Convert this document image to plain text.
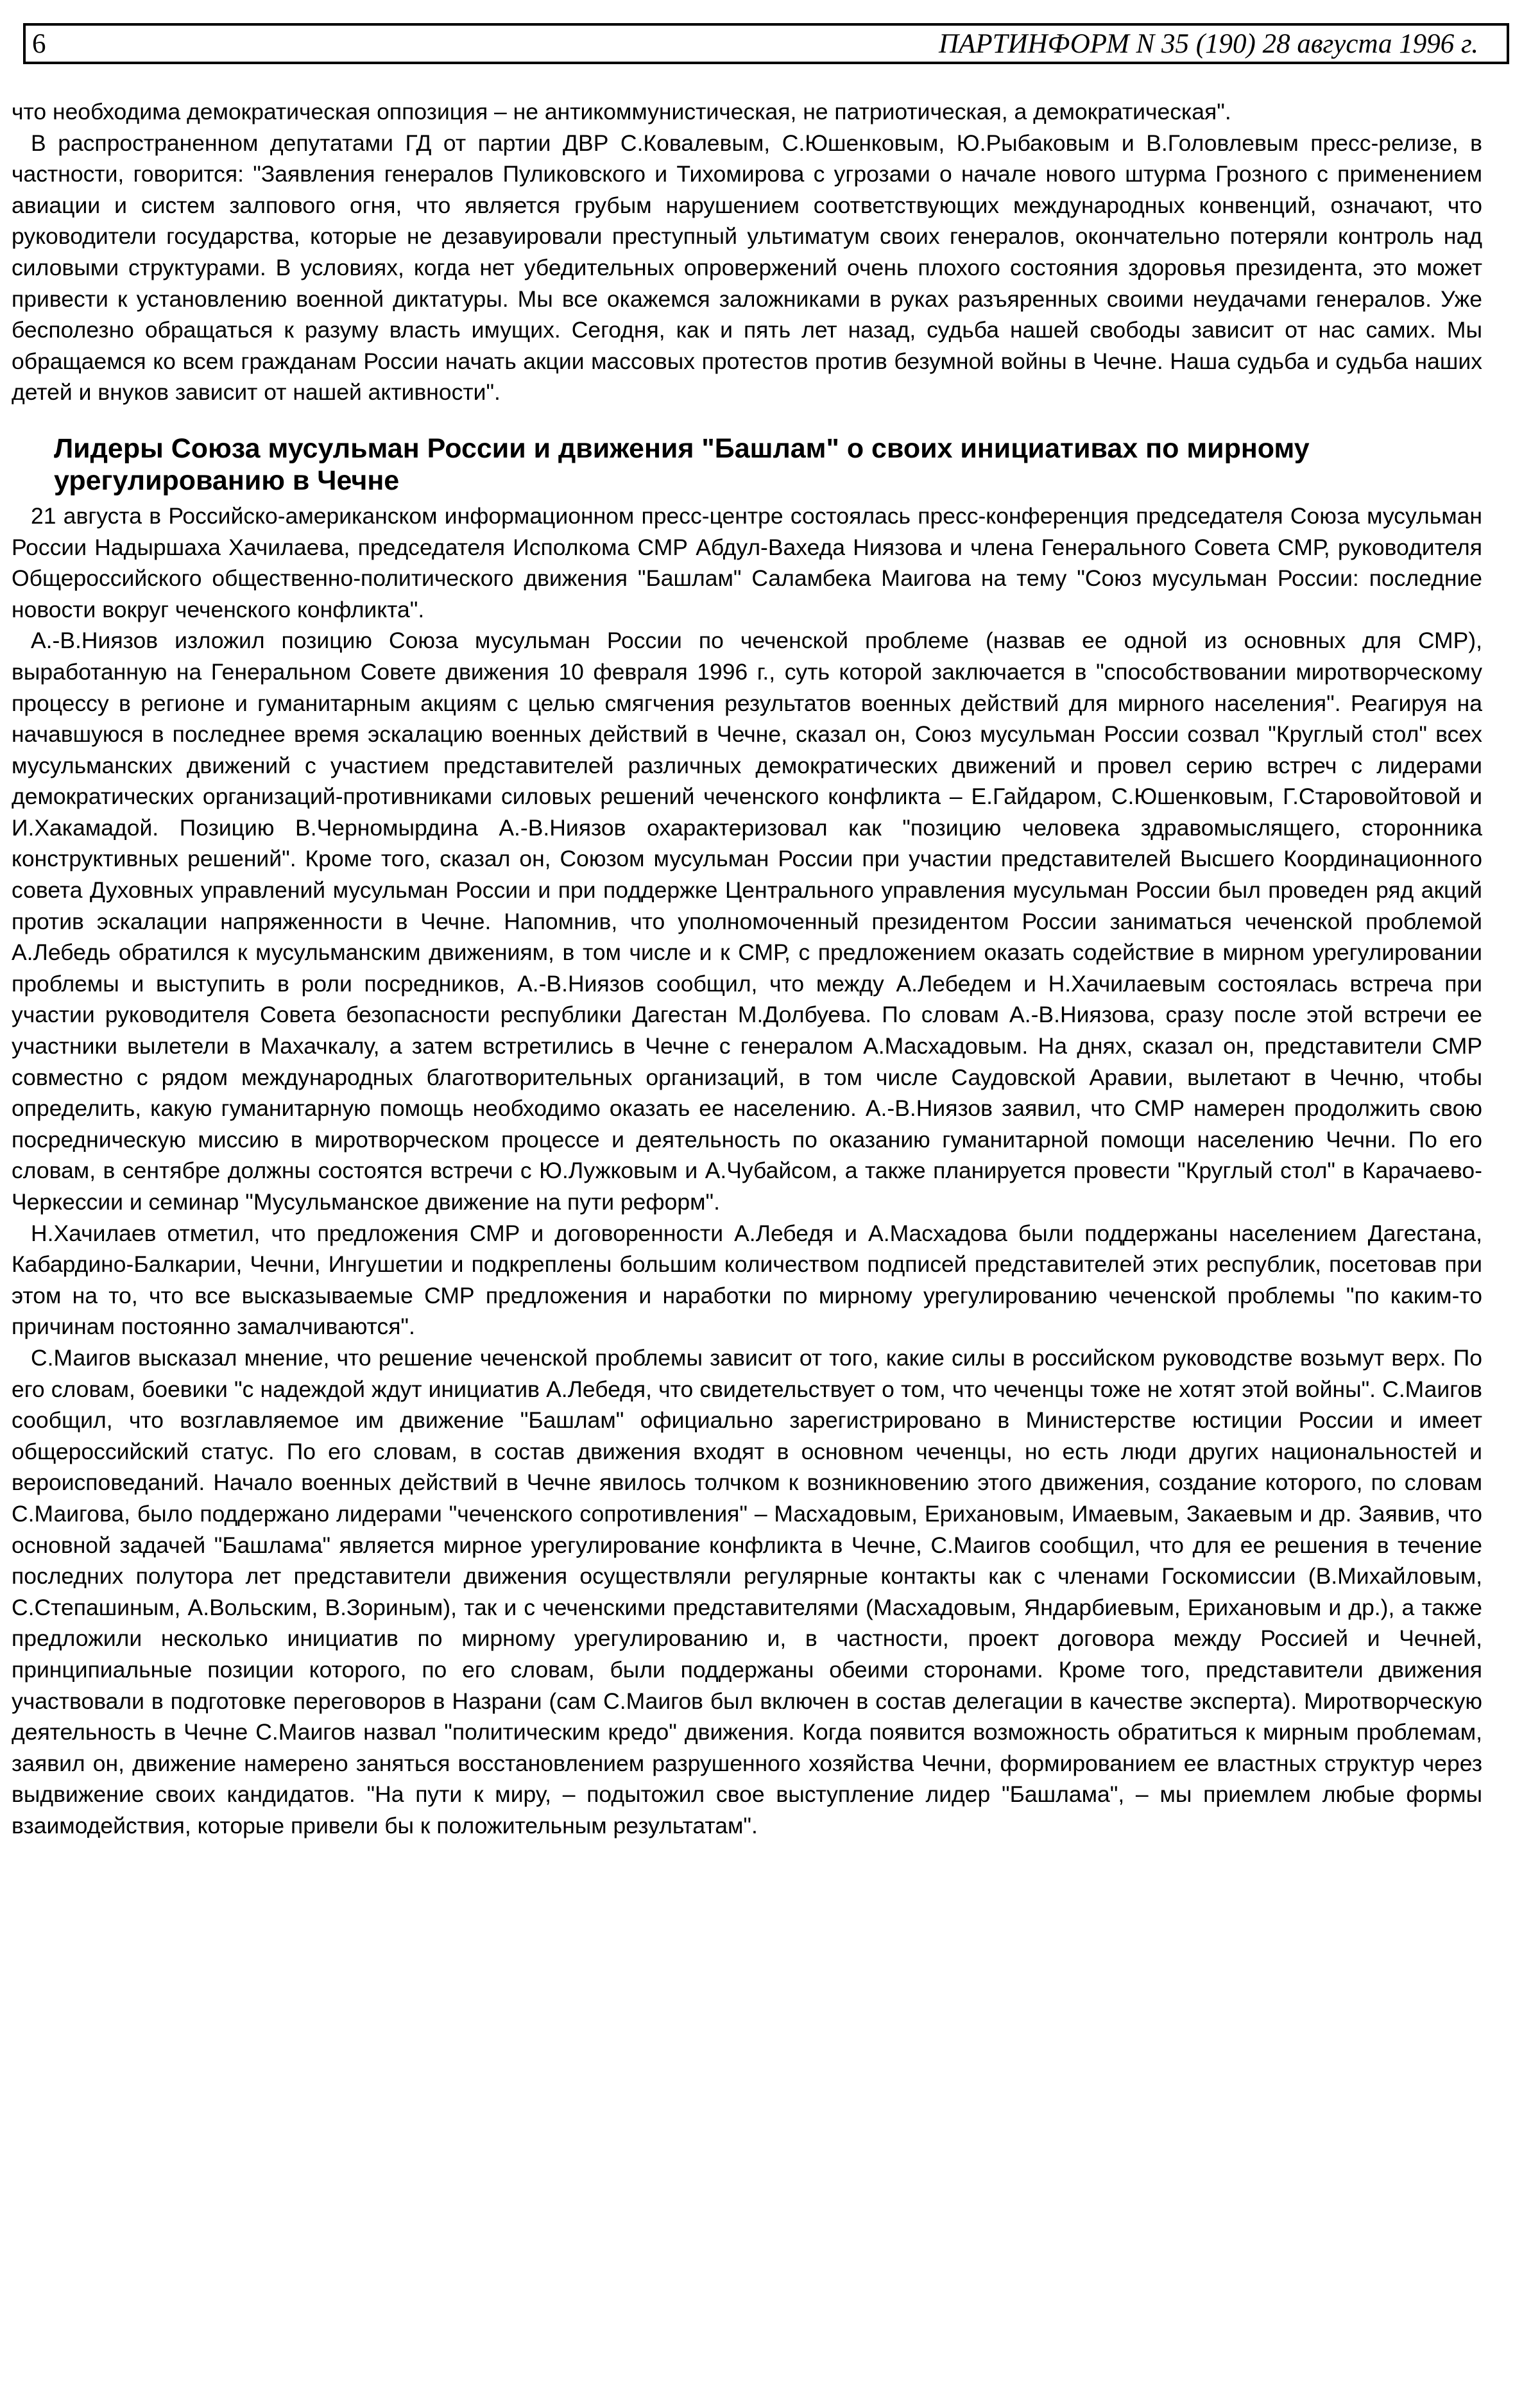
6	ПАРТИНФОРМ N 35 (190) 28 августа 1996 г.

что необходима демократическая оппозиция – не антикоммунистическая, не патриотическая, а демократическая".

В распространенном депутатами ГД от партии ДВР С.Ковалевым, С.Юшенковым, Ю.Рыбаковым и В.Головлевым пресс-релизе, в частности, говорится: "Заявления генералов Пуликовского и Тихомирова с угрозами о начале нового штурма Грозного с применением авиации и систем залпового огня, что является грубым нарушением соответствующих международных конвенций, означают, что руководители государства, которые не дезавуировали преступный ультиматум своих генералов, окончательно потеряли контроль над силовыми структурами. В условиях, когда нет убедительных опровержений очень плохого состояния здоровья президента, это может привести к установлению военной диктатуры. Мы все окажемся заложниками в руках разъяренных своими неудачами генералов. Уже бесполезно обращаться к разуму власть имущих. Сегодня, как и пять лет назад, судьба нашей свободы зависит от нас самих. Мы обращаемся ко всем гражданам России начать акции массовых протестов против безумной войны в Чечне. Наша судьба и судьба наших детей и внуков зависит от нашей активности".

Лидеры Союза мусульман России и движения "Башлам" о своих инициативах по мирному урегулированию в Чечне

21 августа в Российско-американском информационном пресс-центре состоялась пресс-конференция председателя Союза мусульман России Надыршаха Хачилаева, председателя Исполкома СМР Абдул-Вахеда Ниязова и члена Генерального Совета СМР, руководителя Общероссийского общественно-политического движения "Башлам" Саламбека Маигова на тему "Союз мусульман России: последние новости вокруг чеченского конфликта".

А.-В.Ниязов изложил позицию Союза мусульман России по чеченской проблеме (назвав ее одной из основных для СМР), выработанную на Генеральном Совете движения 10 февраля 1996 г., суть которой заключается в "способствовании миротворческому процессу в регионе и гуманитарным акциям с целью смягчения результатов военных действий для мирного населения". Реагируя на начавшуюся в последнее время эскалацию военных действий в Чечне, сказал он, Союз мусульман России созвал "Круглый стол" всех мусульманских движений с участием представителей различных демократических движений и провел серию встреч с лидерами демократических организаций-противниками силовых решений чеченского конфликта – Е.Гайдаром, С.Юшенковым, Г.Старовойтовой и И.Хакамадой. Позицию В.Черномырдина А.-В.Ниязов охарактеризовал как "позицию человека здравомыслящего, сторонника конструктивных решений". Кроме того, сказал он, Союзом мусульман России при участии представителей Высшего Координационного совета Духовных управлений мусульман России и при поддержке Центрального управления мусульман России был проведен ряд акций против эскалации напряженности в Чечне. Напомнив, что уполномоченный президентом России заниматься чеченской проблемой А.Лебедь обратился к мусульманским движениям, в том числе и к СМР, с предложением оказать содействие в мирном урегулировании проблемы и выступить в роли посредников, А.-В.Ниязов сообщил, что между А.Лебедем и Н.Хачилаевым состоялась встреча при участии руководителя Совета безопасности республики Дагестан М.Долбуева. По словам А.-В.Ниязова, сразу после этой встречи ее участники вылетели в Махачкалу, а затем встретились в Чечне с генералом А.Масхадовым. На днях, сказал он, представители СМР совместно с рядом международных благотворительных организаций, в том числе Саудовской Аравии, вылетают в Чечню, чтобы определить, какую гуманитарную помощь необходимо оказать ее населению. А.-В.Ниязов заявил, что СМР намерен продолжить свою посредническую миссию в миротворческом процессе и деятельность по оказанию гуманитарной помощи населению Чечни. По его словам, в сентябре должны состоятся встречи с Ю.Лужковым и А.Чубайсом, а также планируется провести "Круглый стол" в Карачаево-Черкессии и семинар "Мусульманское движение на пути реформ".

Н.Хачилаев отметил, что предложения СМР и договоренности А.Лебедя и А.Масхадова были поддержаны населением Дагестана, Кабардино-Балкарии, Чечни, Ингушетии и подкреплены большим количеством подписей представителей этих республик, посетовав при этом на то, что все высказываемые СМР предложения и наработки по мирному урегулированию чеченской проблемы "по каким-то причинам постоянно замалчиваются".

С.Маигов высказал мнение, что решение чеченской проблемы зависит от того, какие силы в российском руководстве возьмут верх. По его словам, боевики "с надеждой ждут инициатив А.Лебедя, что свидетельствует о том, что чеченцы тоже не хотят этой войны". С.Маигов сообщил, что возглавляемое им движение "Башлам" официально зарегистрировано в Министерстве юстиции России и имеет общероссийский статус. По его словам, в состав движения входят в основном чеченцы, но есть люди других национальностей и вероисповеданий. Начало военных действий в Чечне явилось толчком к возникновению этого движения, создание которого, по словам С.Маигова, было поддержано лидерами "чеченского сопротивления" – Масхадовым, Ерихановым, Имаевым, Закаевым и др. Заявив, что основной задачей "Башлама" является мирное урегулирование конфликта в Чечне, С.Маигов сообщил, что для ее решения в течение последних полутора лет представители движения осуществляли регулярные контакты как с членами Госкомиссии (В.Михайловым, С.Степашиным, А.Вольским, В.Зориным), так и с чеченскими представителями (Масхадовым, Яндарбиевым, Ерихановым и др.), а также предложили несколько инициатив по мирному урегулированию и, в частности, проект договора между Россией и Чечней, принципиальные позиции которого, по его словам, были поддержаны обеими сторонами. Кроме того, представители движения участвовали в подготовке переговоров в Назрани (сам С.Маигов был включен в состав делегации в качестве эксперта). Миротворческую деятельность в Чечне С.Маигов назвал "политическим кредо" движения. Когда появится возможность обратиться к мирным проблемам, заявил он, движение намерено заняться восстановлением разрушенного хозяйства Чечни, формированием ее властных структур через выдвижение своих кандидатов. "На пути к миру, – подытожил свое выступление лидер "Башлама", – мы приемлем любые формы взаимодействия, которые привели бы к положительным результатам".
